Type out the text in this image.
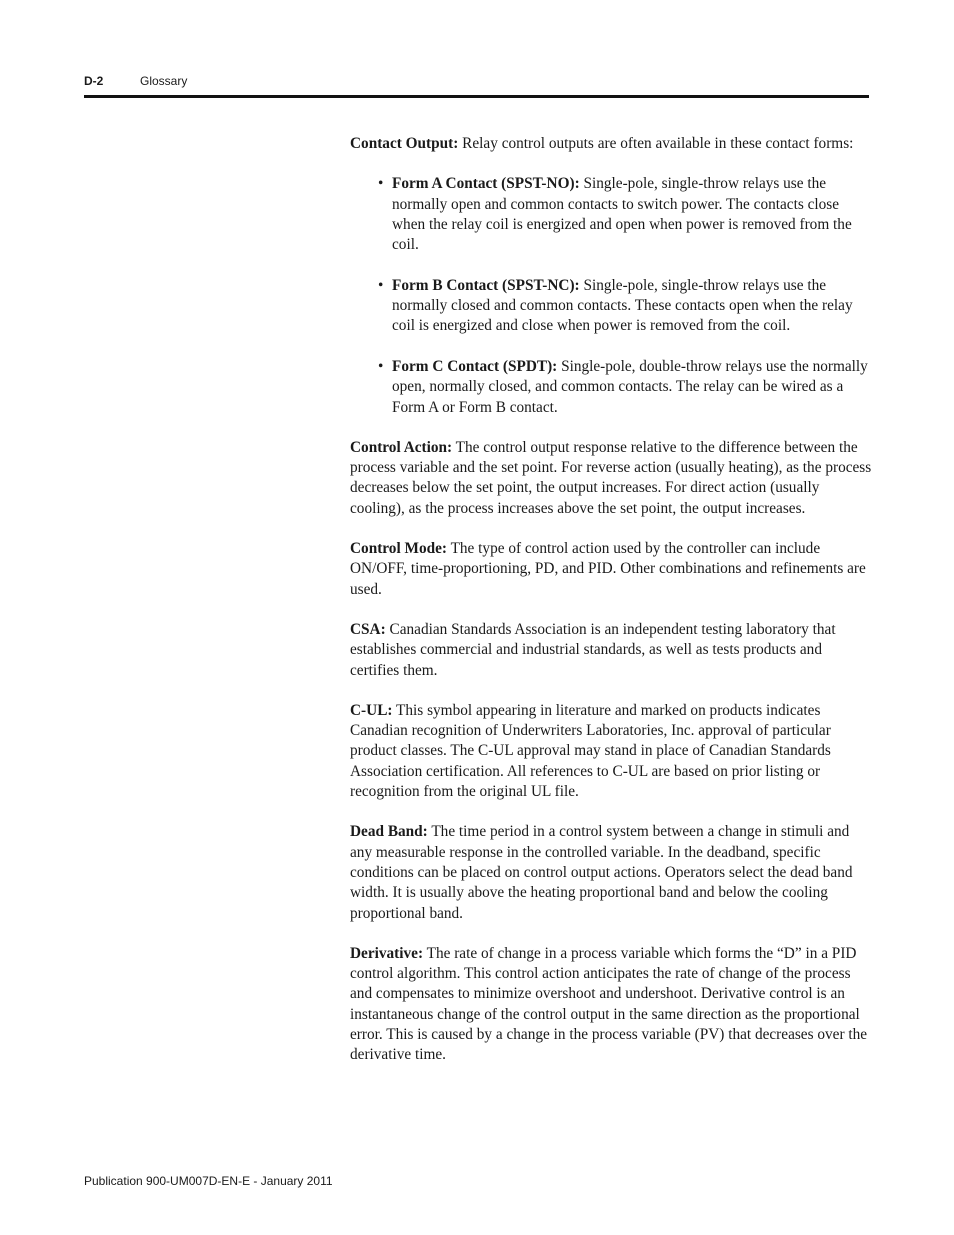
D-2	Glossary

Contact Output: Relay control outputs are often available in these contact forms:

• Form A Contact (SPST-NO): Single-pole, single-throw relays use the normally open and common contacts to switch power. The contacts close when the relay coil is energized and open when power is removed from the coil.
• Form B Contact (SPST-NC): Single-pole, single-throw relays use the normally closed and common contacts. These contacts open when the relay coil is energized and close when power is removed from the coil.
• Form C Contact (SPDT): Single-pole, double-throw relays use the normally open, normally closed, and common contacts. The relay can be wired as a Form A or Form B contact.

Control Action: The control output response relative to the difference between the process variable and the set point. For reverse action (usually heating), as the process decreases below the set point, the output increases. For direct action (usually cooling), as the process increases above the set point, the output increases.

Control Mode: The type of control action used by the controller can include ON/OFF, time-proportioning, PD, and PID. Other combinations and refinements are used.

CSA: Canadian Standards Association is an independent testing laboratory that establishes commercial and industrial standards, as well as tests products and certifies them.

C-UL: This symbol appearing in literature and marked on products indicates Canadian recognition of Underwriters Laboratories, Inc. approval of particular product classes. The C-UL approval may stand in place of Canadian Standards Association certification. All references to C-UL are based on prior listing or recognition from the original UL file.

Dead Band: The time period in a control system between a change in stimuli and any measurable response in the controlled variable. In the deadband, specific conditions can be placed on control output actions. Operators select the dead band width. It is usually above the heating proportional band and below the cooling proportional band.

Derivative: The rate of change in a process variable which forms the “D” in a PID control algorithm. This control action anticipates the rate of change of the process and compensates to minimize overshoot and undershoot. Derivative control is an instantaneous change of the control output in the same direction as the proportional error. This is caused by a change in the process variable (PV) that decreases over the derivative time.

Publication 900-UM007D-EN-E - January 2011
